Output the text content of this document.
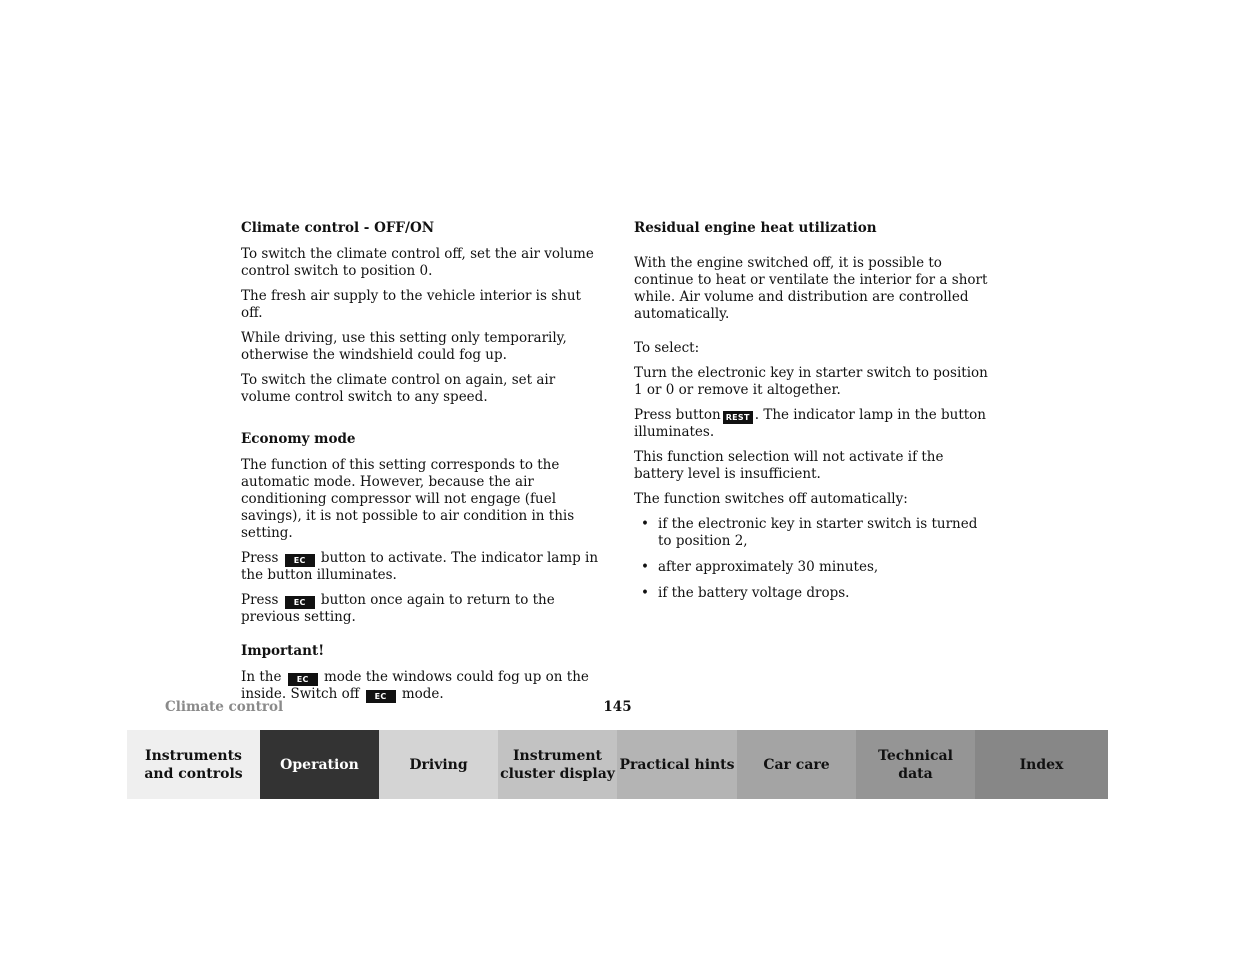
Climate control - OFF/ON

To switch the climate control off, set the air volume control switch to position 0.

The fresh air supply to the vehicle interior is shut off.

While driving, use this setting only temporarily, otherwise the windshield could fog up.

To switch the climate control on again, set air volume control switch to any speed.

Economy mode

The function of this setting corresponds to the automatic mode. However, because the air conditioning compressor will not engage (fuel savings), it is not possible to air condition in this setting.

Press EC button to activate. The indicator lamp in the button illuminates.

Press EC button once again to return to the previous setting.

Important!

In the EC mode the windows could fog up on the inside. Switch off EC mode.

Residual engine heat utilization

With the engine switched off, it is possible to continue to heat or ventilate the interior for a short while. Air volume and distribution are controlled automatically.

To select:

Turn the electronic key in starter switch to position 1 or 0 or remove it altogether.

Press button REST . The indicator lamp in the button illuminates.

This function selection will not activate if the battery level is insufficient.

The function switches off automatically:

• if the electronic key in starter switch is turned to position 2,
• after approximately 30 minutes,
• if the battery voltage drops.
Climate control	145
Instruments
and controls
Operation	Driving
Instrument
cluster display
Practical hints	Car care
Technical
data
Index
